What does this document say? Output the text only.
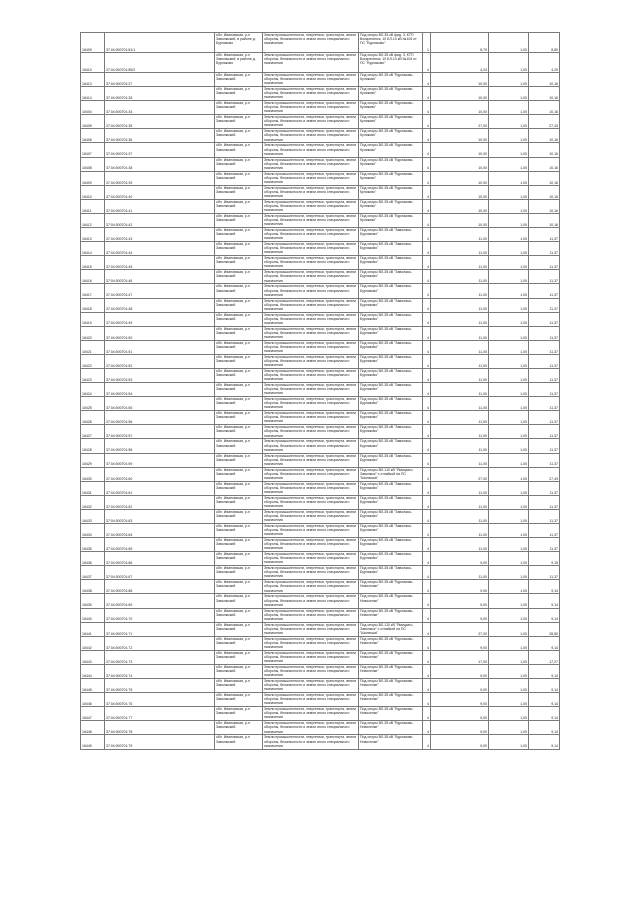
16409	37:04:000701:81/1	обл. Ивановская, р-н Заволжский, в районе д. Бурлаково	Земли промышленности, энергетики, транспорта, земли обороны, безопасности и земли иного специального назначения	Под опоры ВЛ-35 кВ фид. 3, КТП Воскресенск, 10 БЛ-10 кВ №104 от ПС "Бурлаково"	1	8,79	1,00	8,89
16410	37:04:000701:85/2	обл. Ивановская, р-н Заволжский, в районе д. Бурлаково	Земли промышленности, энергетики, транспорта, земли обороны, безопасности и земли иного специального назначения	Под опоры ВЛ-35 кВ фид. 3, КТП Воскресенск, 10 БЛ-10 кВ №104 от ПС "Бурлаково"	4	4,24	1,00	4,29
16413	37:04:000701:27	обл. Ивановская, р-н Заволжский	Земли промышленности, энергетики, транспорта, земли обороны, безопасности и земли иного специального назначения	Под опоры ВЛ-35 кВ "Бурлаково-Куликово"	4	10,00	1,00	10,16
16414	37:04:000701:28	обл. Ивановская, р-н Заволжский	Земли промышленности, энергетики, транспорта, земли обороны, безопасности и земли иного специального назначения	Под опоры ВЛ-35 кВ "Бурлаково-Куликово"	4	10,00	1,00	10,16
16404	37:04:000701:34	обл. Ивановская, р-н Заволжский	Земли промышленности, энергетики, транспорта, земли обороны, безопасности и земли иного специального назначения	Под опоры ВЛ-35 кВ "Бурлаково-Куликово"	4	10,00	1,00	10,16
16405	37:04:000701:35	обл. Ивановская, р-н Заволжский	Земли промышленности, энергетики, транспорта, земли обороны, безопасности и земли иного специального назначения	Под опоры ВЛ-35 кВ "Бурлаково-Куликово"	4	27,00	1,00	27,43
16406	37:04:000701:36	обл. Ивановская, р-н Заволжский	Земли промышленности, энергетики, транспорта, земли обороны, безопасности и земли иного специального назначения	Под опоры ВЛ-35 кВ "Бурлаково-Куликово"	4	10,00	1,00	10,16
16407	37:04:000701:37	обл. Ивановская, р-н Заволжский	Земли промышленности, энергетики, транспорта, земли обороны, безопасности и земли иного специального назначения	Под опоры ВЛ-35 кВ "Бурлаково-Куликово"	4	10,00	1,00	10,16
16408	37:04:000701:38	обл. Ивановская, р-н Заволжский	Земли промышленности, энергетики, транспорта, земли обороны, безопасности и земли иного специального назначения	Под опоры ВЛ-35 кВ "Бурлаково-Куликово"	4	10,00	1,00	10,16
16409	37:04:000701:39	обл. Ивановская, р-н Заволжский	Земли промышленности, энергетики, транспорта, земли обороны, безопасности и земли иного специального назначения	Под опоры ВЛ-35 кВ "Бурлаково-Куликово"	4	10,00	1,00	10,16
16410	37:04:000701:40	обл. Ивановская, р-н Заволжский	Земли промышленности, энергетики, транспорта, земли обороны, безопасности и земли иного специального назначения	Под опоры ВЛ-35 кВ "Бурлаково-Куликово"	4	10,00	1,00	10,16
16411	37:04:000701:41	обл. Ивановская, р-н Заволжский	Земли промышленности, энергетики, транспорта, земли обороны, безопасности и земли иного специального назначения	Под опоры ВЛ-35 кВ "Бурлаково-Куликово"	4	10,00	1,00	10,16
16412	37:04:000701:42	обл. Ивановская, р-н Заволжский	Земли промышленности, энергетики, транспорта, земли обороны, безопасности и земли иного специального назначения	Под опоры ВЛ-35 кВ "Бурлаково-Куликово"	4	10,00	1,00	10,16
16413	37:04:000701:43	обл. Ивановская, р-н Заволжский	Земли промышленности, энергетики, транспорта, земли обороны, безопасности и земли иного специального назначения	Под опоры ВЛ-35 кВ "Заволжск-Бурлаково"	4	11,00	1,00	11,37
16414	37:04:000701:44	обл. Ивановская, р-н Заволжский	Земли промышленности, энергетики, транспорта, земли обороны, безопасности и земли иного специального назначения	Под опоры ВЛ-35 кВ "Заволжск-Бурлаково"	4	11,00	1,00	11,37
16415	37:04:000701:45	обл. Ивановская, р-н Заволжский	Земли промышленности, энергетики, транспорта, земли обороны, безопасности и земли иного специального назначения	Под опоры ВЛ-35 кВ "Заволжск-Бурлаково"	4	11,00	1,00	11,37
16416	37:04:000701:46	обл. Ивановская, р-н Заволжский	Земли промышленности, энергетики, транспорта, земли обороны, безопасности и земли иного специального назначения	Под опоры ВЛ-35 кВ "Заволжск-Бурлаково"	4	11,00	1,00	11,37
16417	37:04:000701:47	обл. Ивановская, р-н Заволжский	Земли промышленности, энергетики, транспорта, земли обороны, безопасности и земли иного специального назначения	Под опоры ВЛ-35 кВ "Заволжск-Бурлаково"	4	11,00	1,00	11,37
16418	37:04:000701:48	обл. Ивановская, р-н Заволжский	Земли промышленности, энергетики, транспорта, земли обороны, безопасности и земли иного специального назначения	Под опоры ВЛ-35 кВ "Заволжск-Бурлаково"	4	11,00	1,00	11,37
16419	37:04:000701:49	обл. Ивановская, р-н Заволжский	Земли промышленности, энергетики, транспорта, земли обороны, безопасности и земли иного специального назначения	Под опоры ВЛ-35 кВ "Заволжск-Бурлаково"	4	11,00	1,00	11,37
16420	37:04:000701:50	обл. Ивановская, р-н Заволжский	Земли промышленности, энергетики, транспорта, земли обороны, безопасности и земли иного специального назначения	Под опоры ВЛ-35 кВ "Заволжск-Бурлаково"	4	11,00	1,00	11,37
16421	37:04:000701:51	обл. Ивановская, р-н Заволжский	Земли промышленности, энергетики, транспорта, земли обороны, безопасности и земли иного специального назначения	Под опоры ВЛ-35 кВ "Заволжск-Бурлаково"	4	11,00	1,00	11,37
16422	37:04:000701:52	обл. Ивановская, р-н Заволжский	Земли промышленности, энергетики, транспорта, земли обороны, безопасности и земли иного специального назначения	Под опоры ВЛ-35 кВ "Заволжск-Бурлаково"	4	11,00	1,00	11,37
16423	37:04:000701:53	обл. Ивановская, р-н Заволжский	Земли промышленности, энергетики, транспорта, земли обороны, безопасности и земли иного специального назначения	Под опоры ВЛ-35 кВ "Заволжск-Бурлаково"	4	11,00	1,00	11,37
16424	37:04:000701:54	обл. Ивановская, р-н Заволжский	Земли промышленности, энергетики, транспорта, земли обороны, безопасности и земли иного специального назначения	Под опоры ВЛ-35 кВ "Заволжск-Бурлаково"	4	11,00	1,00	11,37
16425	37:04:000701:55	обл. Ивановская, р-н Заволжский	Земли промышленности, энергетики, транспорта, земли обороны, безопасности и земли иного специального назначения	Под опоры ВЛ-35 кВ "Заволжск-Бурлаково"	4	11,00	1,00	11,37
16426	37:04:000701:56	обл. Ивановская, р-н Заволжский	Земли промышленности, энергетики, транспорта, земли обороны, безопасности и земли иного специального назначения	Под опоры ВЛ-35 кВ "Заволжск-Бурлаково"	4	11,00	1,00	11,37
16427	37:04:000701:57	обл. Ивановская, р-н Заволжский	Земли промышленности, энергетики, транспорта, земли обороны, безопасности и земли иного специального назначения	Под опоры ВЛ-35 кВ "Заволжск-Бурлаково"	4	11,00	1,00	11,37
16428	37:04:000701:58	обл. Ивановская, р-н Заволжский	Земли промышленности, энергетики, транспорта, земли обороны, безопасности и земли иного специального назначения	Под опоры ВЛ-35 кВ "Заволжск-Бурлаково"	4	11,00	1,00	11,37
16429	37:04:000701:59	обл. Ивановская, р-н Заволжский	Земли промышленности, энергетики, транспорта, земли обороны, безопасности и земли иного специального назначения	Под опоры ВЛ-35 кВ "Заволжск-Бурлаково"	4	11,00	1,00	11,37
16430	37:04:000701:60	обл. Ивановская, р-н Заволжский	Земли промышленности, энергетики, транспорта, земли обороны, безопасности и земли иного специального назначения	Под опоры ВЛ-110 кВ "Ямицыно-Заволжск" с отпайкой на ПС "Шилекша"	4	27,00	1,00	27,43
16431	37:04:000701:61	обл. Ивановская, р-н Заволжский	Земли промышленности, энергетики, транспорта, земли обороны, безопасности и земли иного специального назначения	Под опоры ВЛ-35 кВ "Заволжск-Бурлаково"	4	11,00	1,00	11,37
16432	37:04:000701:62	обл. Ивановская, р-н Заволжский	Земли промышленности, энергетики, транспорта, земли обороны, безопасности и земли иного специального назначения	Под опоры ВЛ-35 кВ "Заволжск-Бурлаково"	4	11,00	1,00	11,37
16433	37:04:000701:63	обл. Ивановская, р-н Заволжский	Земли промышленности, энергетики, транспорта, земли обороны, безопасности и земли иного специального назначения	Под опоры ВЛ-35 кВ "Заволжск-Бурлаково"	4	11,00	1,00	11,37
16434	37:04:000701:64	обл. Ивановская, р-н Заволжский	Земли промышленности, энергетики, транспорта, земли обороны, безопасности и земли иного специального назначения	Под опоры ВЛ-35 кВ "Заволжск-Бурлаково"	4	11,00	1,00	11,37
16435	37:04:000701:65	обл. Ивановская, р-н Заволжский	Земли промышленности, энергетики, транспорта, земли обороны, безопасности и земли иного специального назначения	Под опоры ВЛ-35 кВ "Заволжск-Бурлаково"	4	11,00	1,00	11,37
16436	37:04:000701:66	обл. Ивановская, р-н Заволжский	Земли промышленности, энергетики, транспорта, земли обороны, безопасности и земли иного специального назначения	Под опоры ВЛ-35 кВ "Заволжск-Бурлаково"	4	9,00	1,00	9,15
16437	37:04:000701:67	обл. Ивановская, р-н Заволжский	Земли промышленности, энергетики, транспорта, земли обороны, безопасности и земли иного специального назначения	Под опоры ВЛ-35 кВ "Заволжск-Бурлаково"	4	11,00	1,00	11,37
16438	37:04:000701:68	обл. Ивановская, р-н Заволжский	Земли промышленности, энергетики, транспорта, земли обороны, безопасности и земли иного специального назначения	Под опоры ВЛ-35 кВ "Бурлаково-Новоселки"	4	9,00	1,00	9,14
16439	37:04:000701:69	обл. Ивановская, р-н Заволжский	Земли промышленности, энергетики, транспорта, земли обороны, безопасности и земли иного специального назначения	Под опоры ВЛ-35 кВ "Бурлаково-Новоселки"	4	9,00	1,00	9,14
16440	37:04:000701:70	обл. Ивановская, р-н Заволжский	Земли промышленности, энергетики, транспорта, земли обороны, безопасности и земли иного специального назначения	Под опоры ВЛ-35 кВ "Бурлаково-Новоселки"	4	9,00	1,00	9,14
16441	37:04:000701:71	обл. Ивановская, р-н Заволжский	Земли промышленности, энергетики, транспорта, земли обороны, безопасности и земли иного специального назначения	Под опоры ВЛ-110 кВ "Ямицыно-Заволжск" с отпайкой на ПС "Шилекша"	4	27,00	1,00	28,80
16442	37:04:000701:72	обл. Ивановская, р-н Заволжский	Земли промышленности, энергетики, транспорта, земли обороны, безопасности и земли иного специального назначения	Под опоры ВЛ-35 кВ "Бурлаково-Новоселки"	4	9,00	1,00	9,14
16443	37:04:000701:73	обл. Ивановская, р-н Заволжский	Земли промышленности, энергетики, транспорта, земли обороны, безопасности и земли иного специального назначения	Под опоры ВЛ-35 кВ "Бурлаково-Новоселки"	4	17,00	1,00	17,27
16444	37:04:000701:74	обл. Ивановская, р-н Заволжский	Земли промышленности, энергетики, транспорта, земли обороны, безопасности и земли иного специального назначения	Под опоры ВЛ-35 кВ "Бурлаково-Новоселки"	4	9,00	1,00	9,14
16445	37:04:000701:75	обл. Ивановская, р-н Заволжский	Земли промышленности, энергетики, транспорта, земли обороны, безопасности и земли иного специального назначения	Под опоры ВЛ-35 кВ "Бурлаково-Новоселки"	4	9,00	1,00	9,14
16446	37:04:000701:76	обл. Ивановская, р-н Заволжский	Земли промышленности, энергетики, транспорта, земли обороны, безопасности и земли иного специального назначения	Под опоры ВЛ-35 кВ "Бурлаково-Новоселки"	4	9,00	1,00	9,14
16447	37:04:000701:77	обл. Ивановская, р-н Заволжский	Земли промышленности, энергетики, транспорта, земли обороны, безопасности и земли иного специального назначения	Под опоры ВЛ-35 кВ "Бурлаково-Новоселки"	4	9,00	1,00	9,14
16448	37:04:000701:78	обл. Ивановская, р-н Заволжский	Земли промышленности, энергетики, транспорта, земли обороны, безопасности и земли иного специального назначения	Под опоры ВЛ-35 кВ "Бурлаково-Новоселки"	4	9,00	1,00	9,14
16449	37:04:000701:79	обл. Ивановская, р-н Заволжский	Земли промышленности, энергетики, транспорта, земли обороны, безопасности и земли иного специального назначения	Под опоры ВЛ-35 кВ "Бурлаково-Новоселки"	4	9,00	1,00	9,14
